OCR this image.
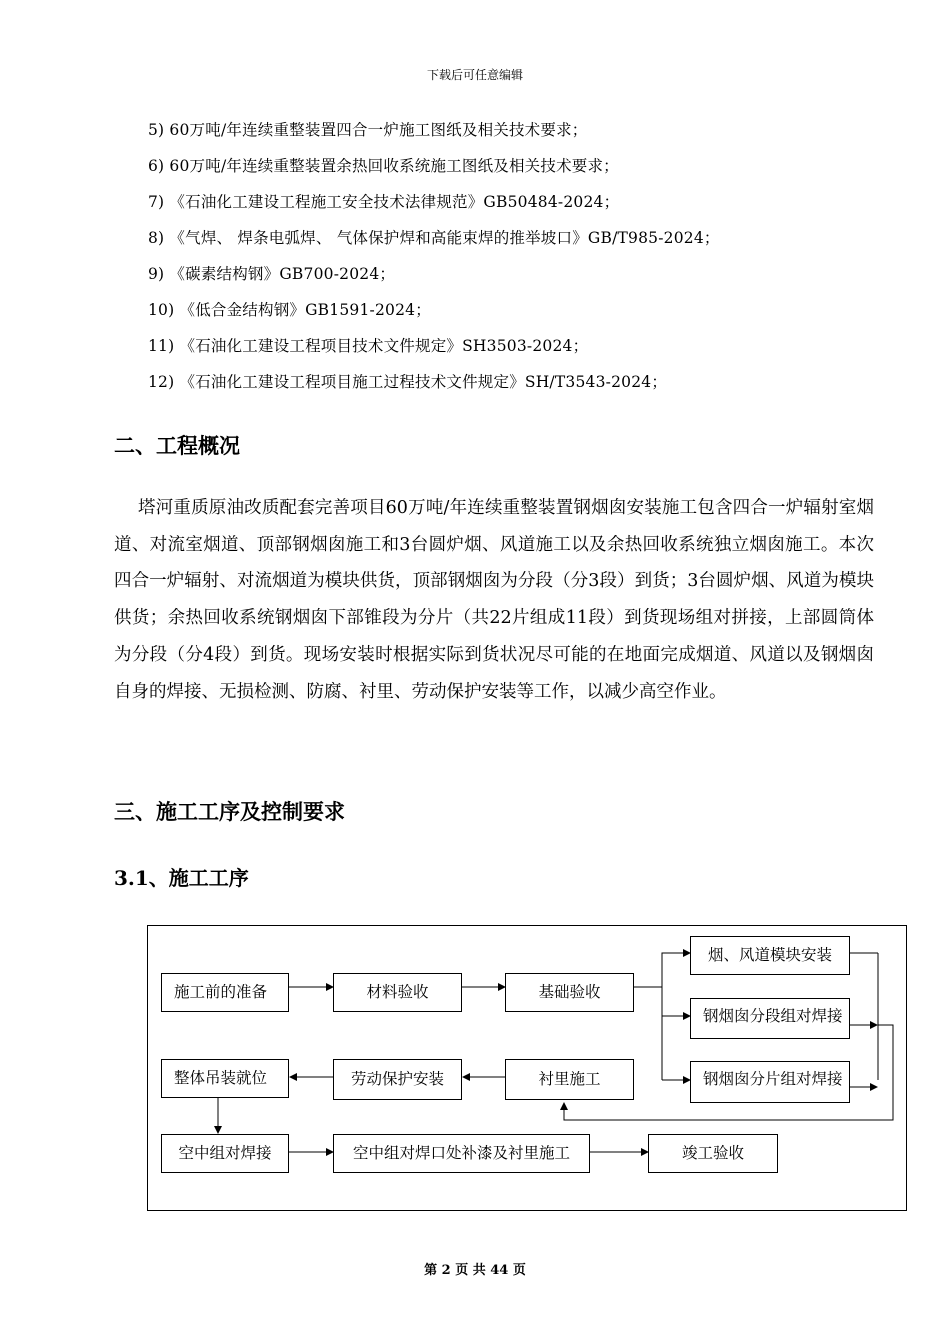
下载后可任意编辑
5) 60万吨/年连续重整装置四合一炉施工图纸及相关技术要求；
6) 60万吨/年连续重整装置余热回收系统施工图纸及相关技术要求；
7) 《石油化工建设工程施工安全技术法律规范》GB50484-2024；
8) 《气焊、 焊条电弧焊、 气体保护焊和高能束焊的推举坡口》GB/T985-2024；
9) 《碳素结构钢》GB700-2024；
10) 《低合金结构钢》GB1591-2024；
11) 《石油化工建设工程项目技术文件规定》SH3503-2024；
12) 《石油化工建设工程项目施工过程技术文件规定》SH/T3543-2024；
二、工程概况

塔河重质原油改质配套完善项目60万吨/年连续重整装置钢烟囱安装施工包含四合一炉辐射室烟道、对流室烟道、顶部钢烟囱施工和3台圆炉烟、风道施工以及余热回收系统独立烟囱施工。本次四合一炉辐射、对流烟道为模块供货，顶部钢烟囱为分段（分3段）到货；3台圆炉烟、风道为模块供货；余热回收系统钢烟囱下部锥段为分片（共22片组成11段）到货现场组对拼接，上部圆筒体为分段（分4段）到货。现场安装时根据实际到货状况尽可能的在地面完成烟道、风道以及钢烟囱自身的焊接、无损检测、防腐、衬里、劳动保护安装等工作，以减少高空作业。

三、施工工序及控制要求
3.1、施工工序
施工前的准备	材料验收	基础验收
烟、风道模块安装
钢烟囱分段组对焊接
钢烟囱分片组对焊接
衬里施工
劳动保护安装
整体吊装就位
空中组对焊接	空中组对焊口处补漆及衬里施工	竣工验收
第 2 页 共 44 页
